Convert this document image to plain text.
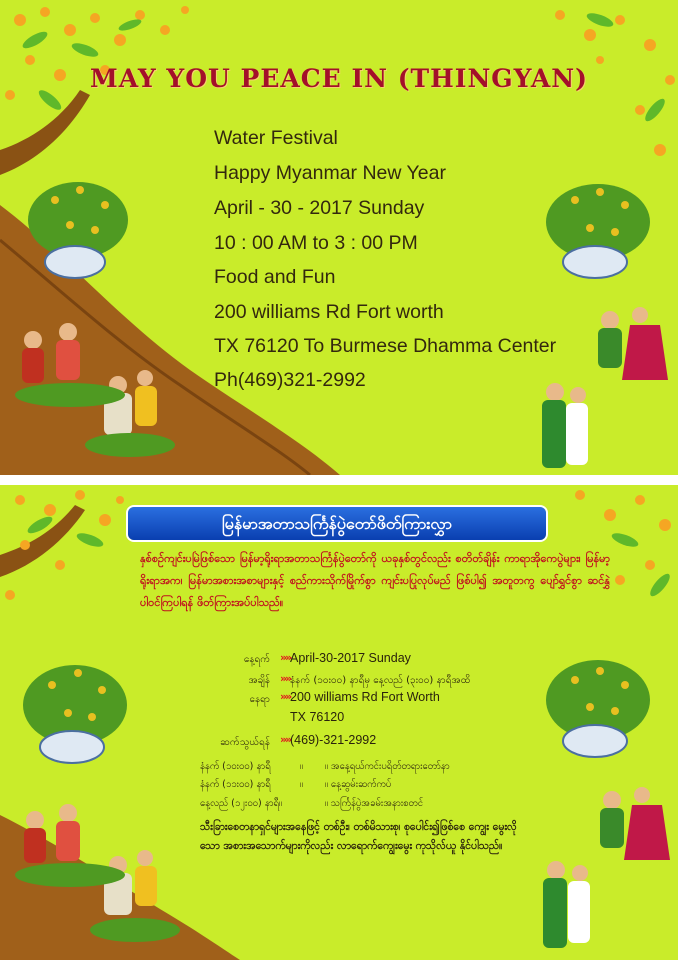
MAY YOU PEACE IN (THINGYAN)
Water Festival
Happy Myanmar New Year
April - 30 - 2017 Sunday
10 : 00 AM to 3 : 00 PM
Food and Fun
200 williams Rd Fort worth
TX 76120 To Burmese Dhamma Center
Ph(469)321-2992
မြန်မာအတာသင်္ကြန်ပွဲတော်ဖိတ်ကြားလွှာ
နှစ်စဉ်ကျင်းပမြဲဖြစ်သော မြန်မာ့ရိုးရာအတာသင်္ကြန်ပွဲတော်ကို ယခုနှစ်တွင်လည်း စတိတ်ချိန်း ကာရာအိုကေပွဲများ၊ မြန်မာ့ရိုးရာအက၊ မြန်မာအစားအစာများနှင့် စည်ကားသိုက်မြိုက်စွာ ကျင်းပပြုလုပ်မည် ဖြစ်ပါ၍ အတူတကွ ပျော်ရွှင်စွာ ဆင်နွှဲ ပါဝင်ကြပါရန် ဖိတ်ကြားအပ်ပါသည်။
နေ့ရက် »» April-30-2017 Sunday
အချိန် »» နံနက် (၁၀း၀၀) နာရီမှ နေ့လည် (၃း၀၀) နာရီအထိ
နေရာ »» 200 williams Rd Fort Worth
TX 76120
ဆက်သွယ်ရန် »» (469)-321-2992
နံနက် (၁၀း၀၀) နာရီ	။ ။ အနေ့ရယ်ကင်းပရိတ်တရားတော်နာ
နံနက် (၁၁း၀၀) နာရီ	။ ။ နေ့ဆွမ်းဆက်ကပ်
နေ့လည် (၁၂း၀၀) နာရီ။	။ သင်္ကြန်ပွဲအခမ်းအနားစတင်
သီးခြားစေတနာရှင်များအနေဖြင့် တစ်ဦး၊ တစ်မိသားစု၊ စုပေါင်း၍ဖြစ်စေ ကျွေး မွေးလိုသော အစားအသောက်များကိုလည်း လာရောက်ကျွေးမွေး ကုသိုလ်ယူ နိုင်ပါသည်။
